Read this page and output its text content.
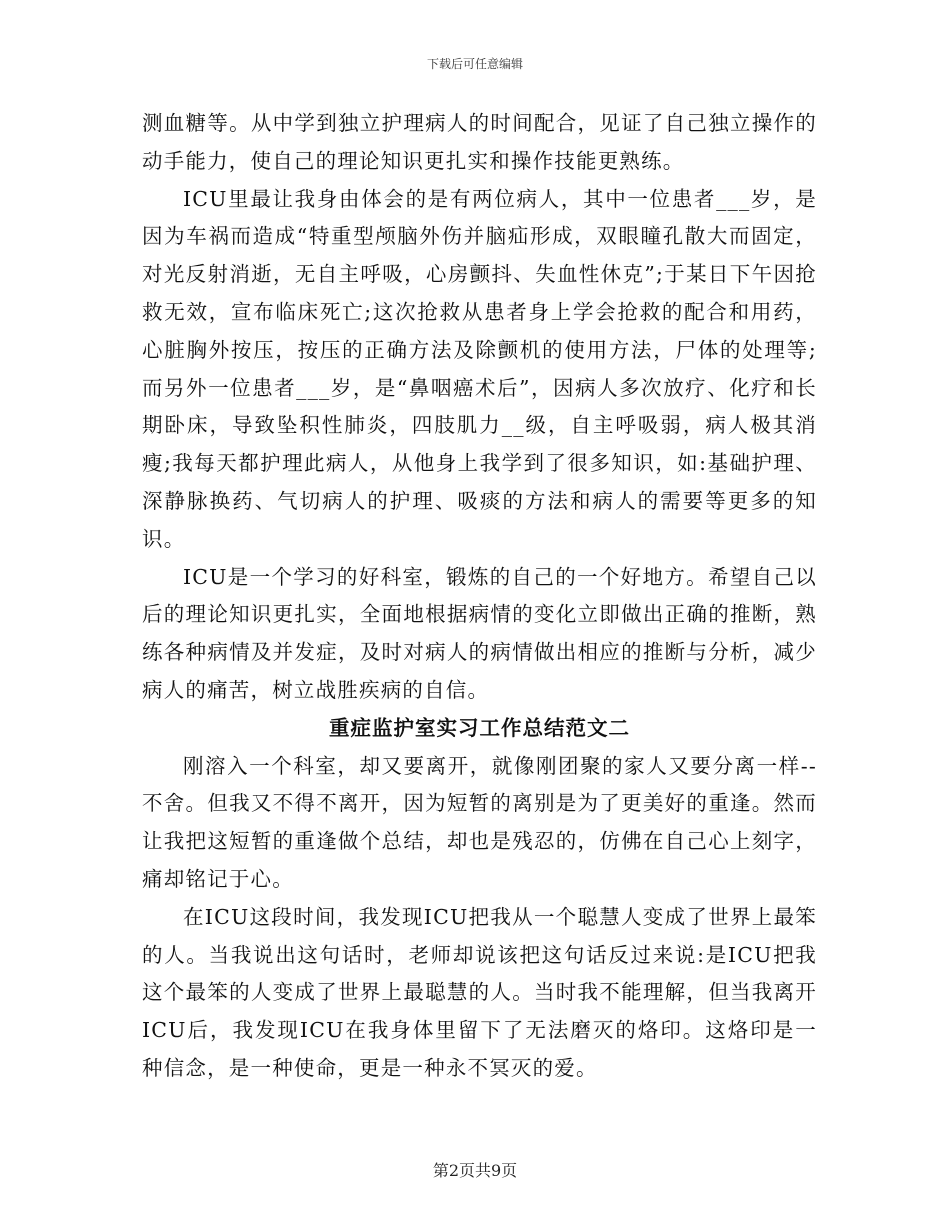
下载后可任意编辑

测血糖等。从中学到独立护理病人的时间配合，见证了自己独立操作的动手能力，使自己的理论知识更扎实和操作技能更熟练。

ICU里最让我身由体会的是有两位病人，其中一位患者___岁，是因为车祸而造成“特重型颅脑外伤并脑疝形成，双眼瞳孔散大而固定，对光反射消逝，无自主呼吸，心房颤抖、失血性休克”;于某日下午因抢救无效，宣布临床死亡;这次抢救从患者身上学会抢救的配合和用药，心脏胸外按压，按压的正确方法及除颤机的使用方法，尸体的处理等;而另外一位患者___岁，是“鼻咽癌术后”，因病人多次放疗、化疗和长期卧床，导致坠积性肺炎，四肢肌力__级，自主呼吸弱，病人极其消瘦;我每天都护理此病人，从他身上我学到了很多知识，如:基础护理、深静脉换药、气切病人的护理、吸痰的方法和病人的需要等更多的知识。

ICU是一个学习的好科室，锻炼的自己的一个好地方。希望自己以后的理论知识更扎实，全面地根据病情的变化立即做出正确的推断，熟练各种病情及并发症，及时对病人的病情做出相应的推断与分析，减少病人的痛苦，树立战胜疾病的自信。

重症监护室实习工作总结范文二

刚溶入一个科室，却又要离开，就像刚团聚的家人又要分离一样--不舍。但我又不得不离开，因为短暂的离别是为了更美好的重逢。然而让我把这短暂的重逢做个总结，却也是残忍的，仿佛在自己心上刻字，痛却铭记于心。

在ICU这段时间，我发现ICU把我从一个聪慧人变成了世界上最笨的人。当我说出这句话时，老师却说该把这句话反过来说:是ICU把我这个最笨的人变成了世界上最聪慧的人。当时我不能理解，但当我离开ICU后，我发现ICU在我身体里留下了无法磨灭的烙印。这烙印是一种信念，是一种使命，更是一种永不冥灭的爱。

第2页共9页
